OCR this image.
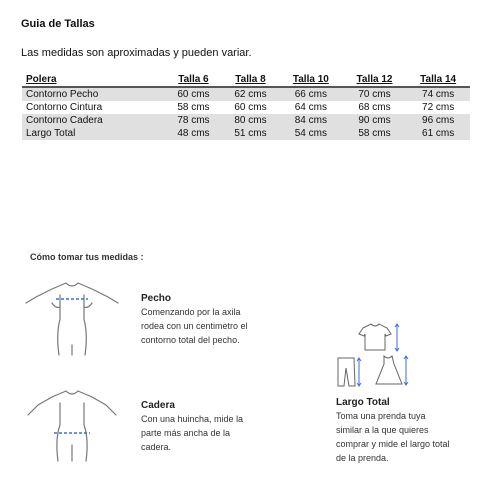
Guia de Tallas
Las medidas son aproximadas y pueden variar.
Polera	Talla 6	Talla 8	Talla 10	Talla 12	Talla 14
Contorno Pecho	60 cms	62 cms	66 cms	70 cms	74 cms
Contorno Cintura	58 cms	60 cms	64 cms	68 cms	72 cms
Contorno Cadera	78 cms	80 cms	84 cms	90 cms	96 cms
Largo Total	48 cms	51 cms	54 cms	58 cms	61 cms
Cómo tomar tus medidas :
Pecho
Comenzando por la axila
rodea con un centimetro el
contorno total del pecho.
Cadera
Con una huincha, mide la
parte más ancha de la
cadera.
Largo Total
Toma una prenda tuya
similar a la que quieres
comprar y mide el largo total
de la prenda.
